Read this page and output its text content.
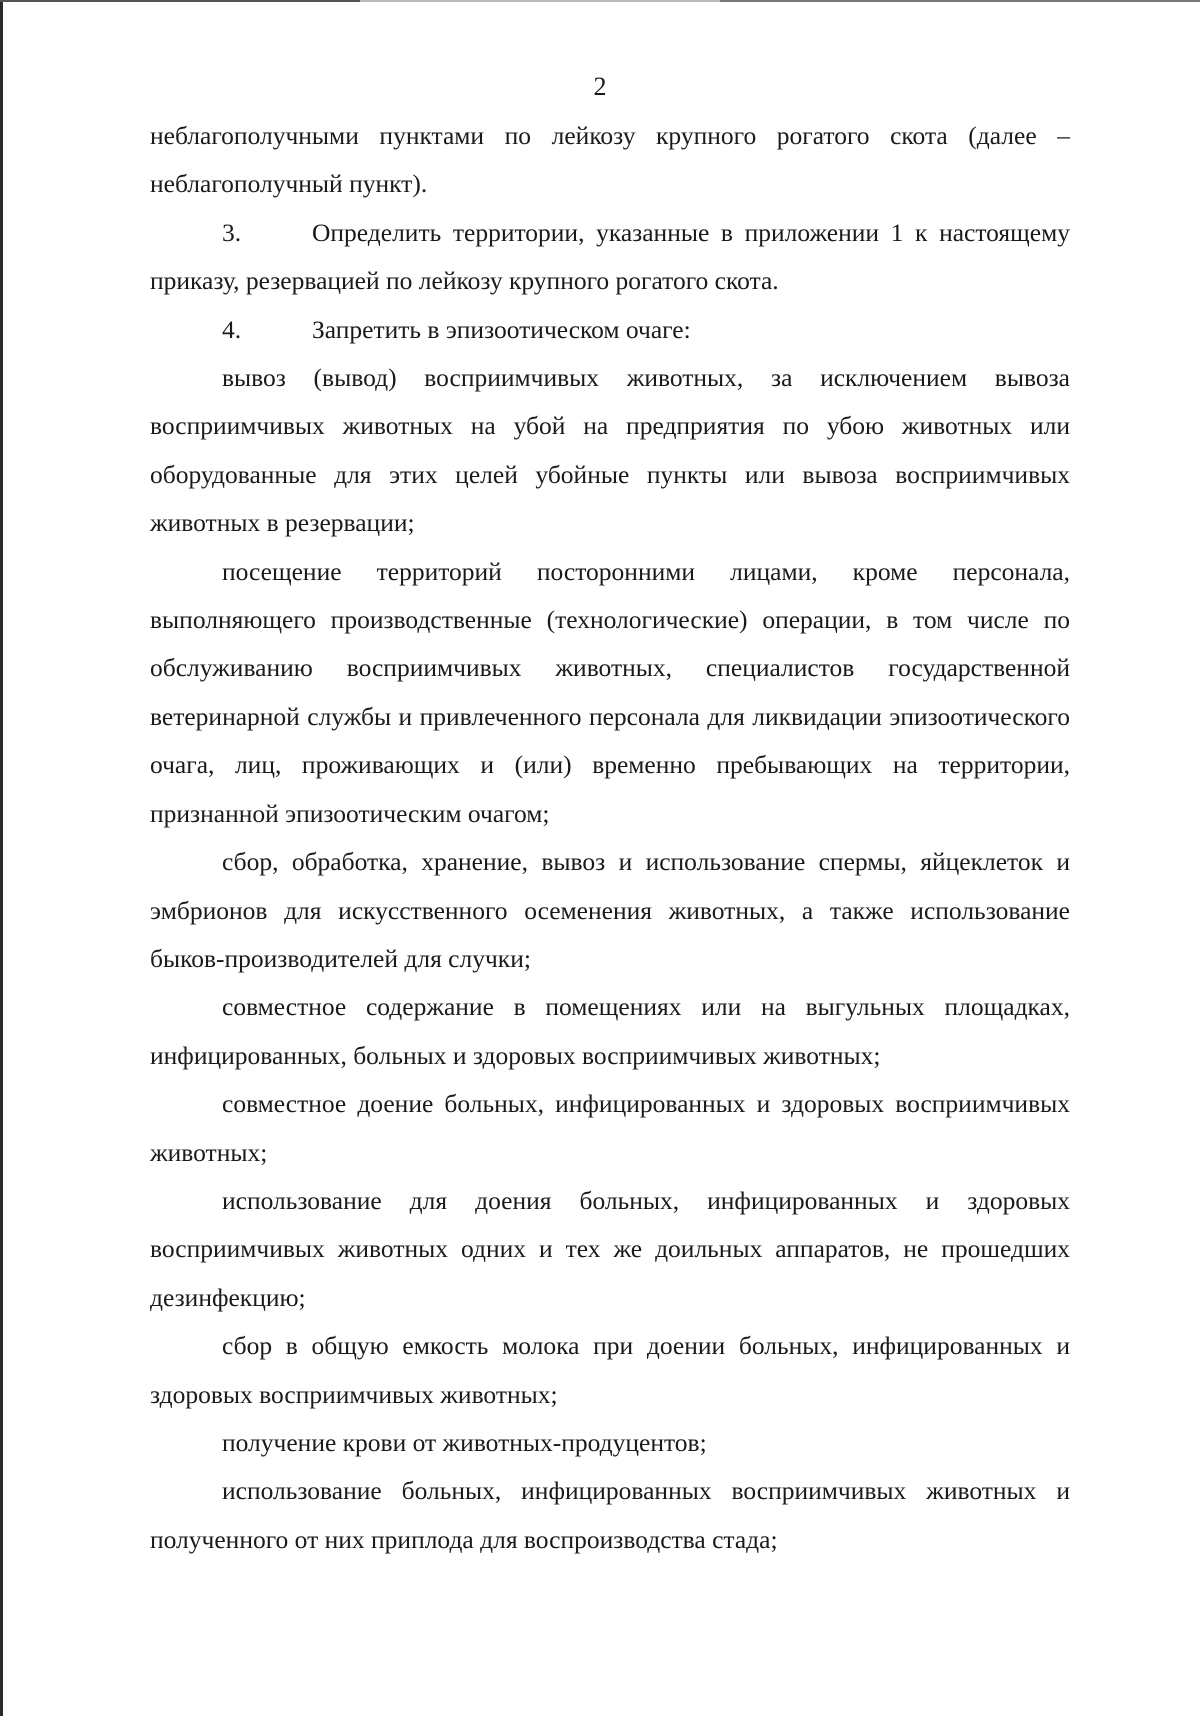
2

неблагополучными пунктами по лейкозу крупного рогатого скота (далее – неблагополучный пункт).

3.	Определить территории, указанные в приложении 1 к настоящему приказу, резервацией по лейкозу крупного рогатого скота.

4.	Запретить в эпизоотическом очаге:

вывоз (вывод) восприимчивых животных, за исключением вывоза восприимчивых животных на убой на предприятия по убою животных или оборудованные для этих целей убойные пункты или вывоза восприимчивых животных в резервации;

посещение территорий посторонними лицами, кроме персонала, выполняющего производственные (технологические) операции, в том числе по обслуживанию восприимчивых животных, специалистов государственной ветеринарной службы и привлеченного персонала для ликвидации эпизоотического очага, лиц, проживающих и (или) временно пребывающих на территории, признанной эпизоотическим очагом;

сбор, обработка, хранение, вывоз и использование спермы, яйцеклеток и эмбрионов для искусственного осеменения животных, а также использование быков-производителей для случки;

совместное содержание в помещениях или на выгульных площадках, инфицированных, больных и здоровых восприимчивых животных;

совместное доение больных, инфицированных и здоровых восприимчивых животных;

использование для доения больных, инфицированных и здоровых восприимчивых животных одних и тех же доильных аппаратов, не прошедших дезинфекцию;

сбор в общую емкость молока при доении больных, инфицированных и здоровых восприимчивых животных;

получение крови от животных-продуцентов;

использование больных, инфицированных восприимчивых животных и полученного от них приплода для воспроизводства стада;
